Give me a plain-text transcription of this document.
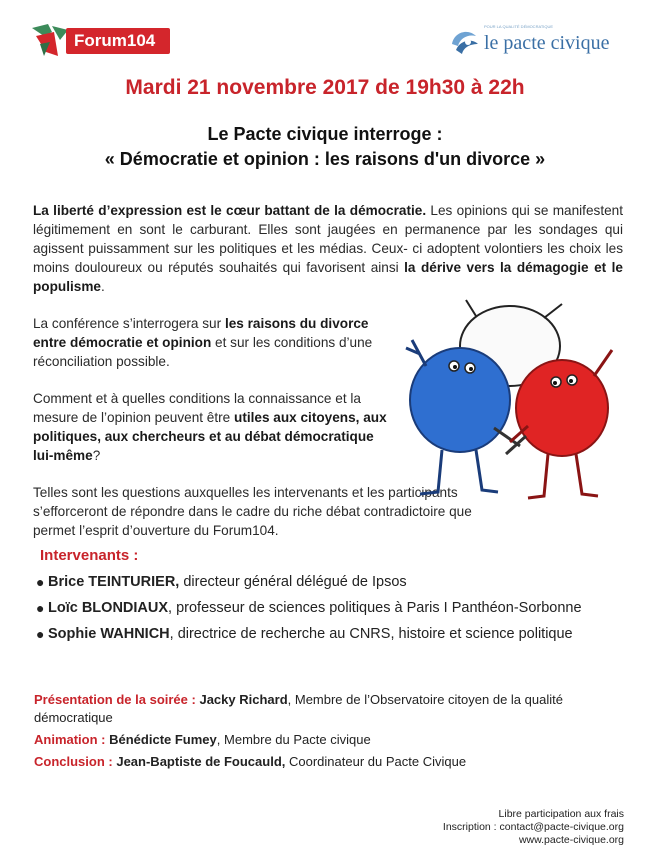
Forum104
POUR LA QUALITÉ DÉMOCRATIQUE
le pacte civique
Mardi 21 novembre 2017 de 19h30 à 22h
Le Pacte civique interroge :
« Démocratie et opinion : les raisons d'un divorce »
La liberté d’expression est le cœur battant de la démocratie. Les opinions qui se manifestent légitimement en sont le carburant. Elles sont jaugées en permanence par les sondages qui agissent puissamment sur les politiques et les médias. Ceux- ci adoptent volontiers les choix les moins douloureux ou réputés souhaités qui favorisent ainsi la dérive vers la démagogie et le populisme.
La conférence s’interrogera sur les raisons du divorce entre démocratie et opinion et sur les conditions d’une réconciliation possible.
Comment et à quelles conditions la connaissance et la mesure de l’opinion peuvent être utiles aux citoyens, aux politiques, aux chercheurs et au débat démocratique lui-même?
Telles sont les questions auxquelles les intervenants et les participants s’efforceront de répondre dans le cadre du riche débat contradictoire que permet l’esprit d’ouverture du Forum104.
Intervenants :
● Brice TEINTURIER, directeur général délégué de Ipsos
● Loïc BLONDIAUX, professeur de sciences politiques à Paris I Panthéon-Sorbonne
● Sophie WAHNICH, directrice de recherche au CNRS, histoire et science politique
Présentation de la soirée : Jacky Richard, Membre de l’Observatoire citoyen de la qualité démocratique
Animation : Bénédicte Fumey, Membre du Pacte civique
Conclusion : Jean-Baptiste de Foucauld, Coordinateur du Pacte Civique
Libre participation aux frais
Inscription : contact@pacte-civique.org
www.pacte-civique.org
